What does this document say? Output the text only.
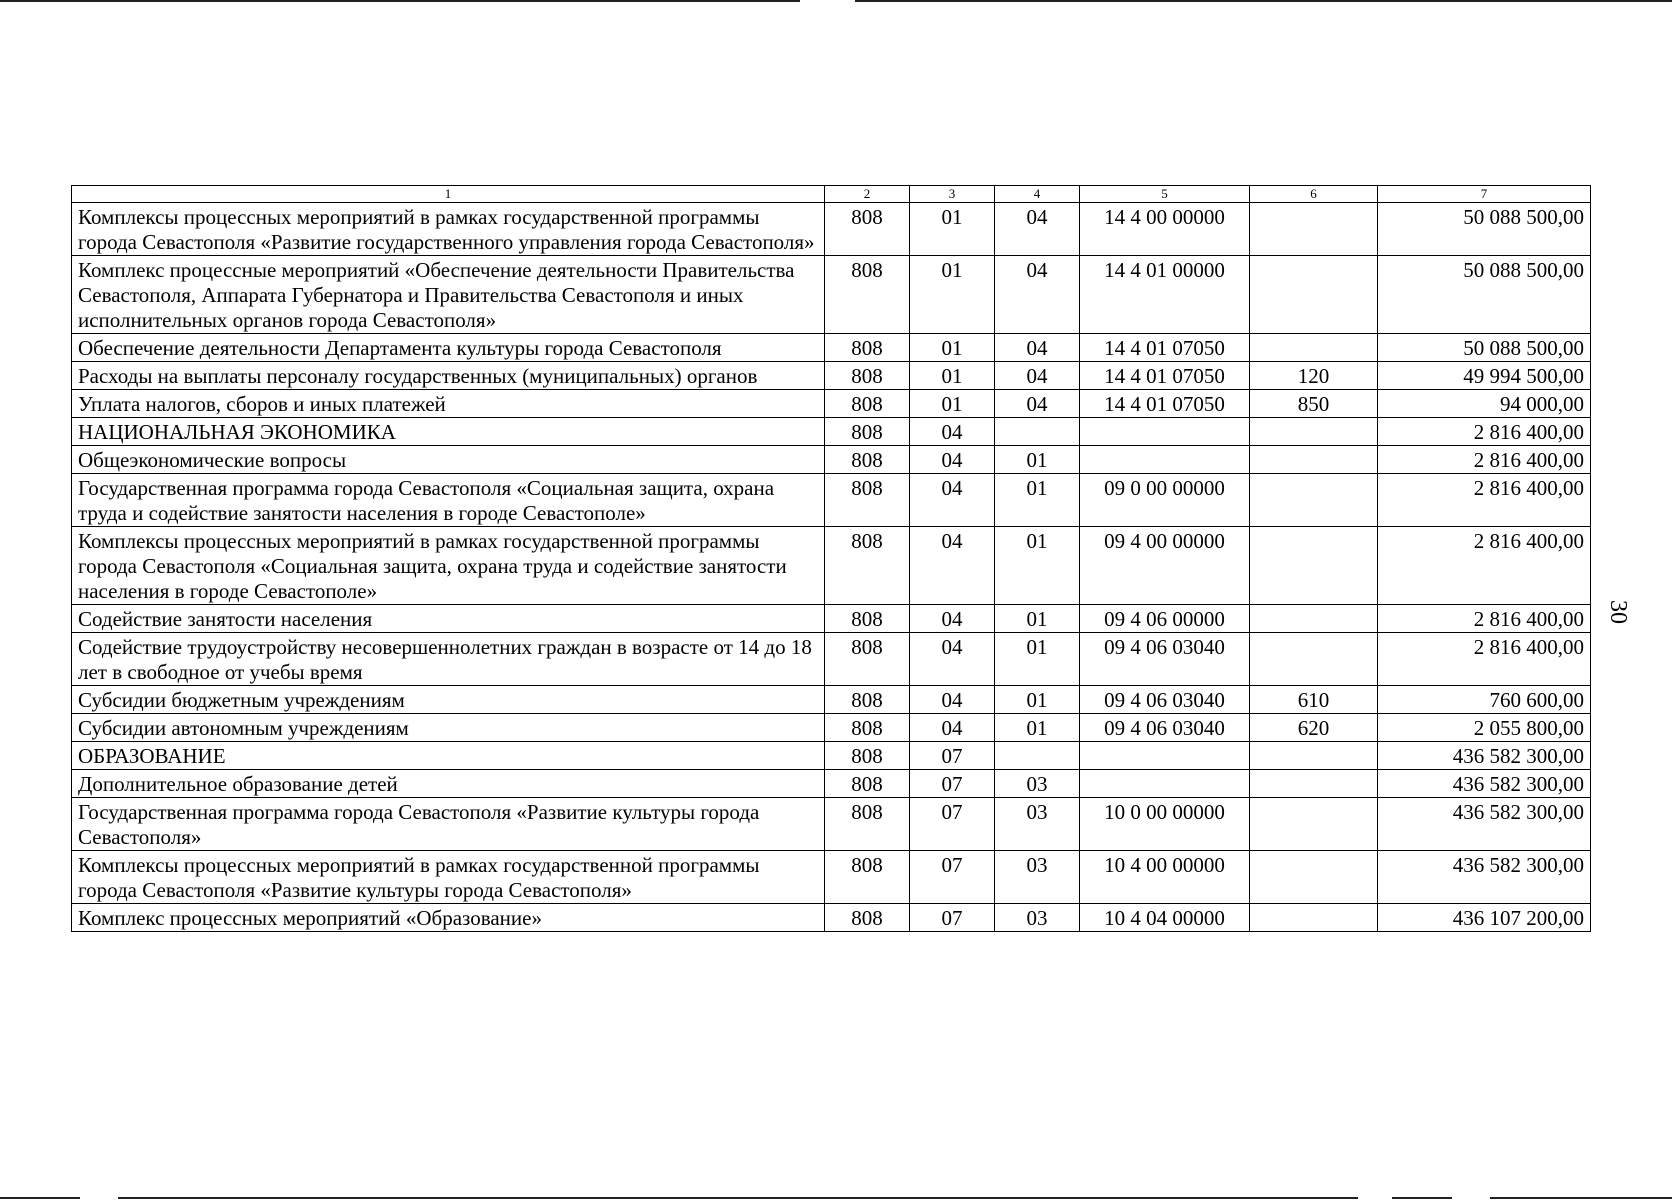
30
1	2	3	4	5	6	7
Комплексы процессных мероприятий в рамках государственной программы города Севастополя «Развитие государственного управления города Севастополя»	808	01	04	14 4 00 00000		50 088 500,00
Комплекс процессные мероприятий «Обеспечение деятельности Правительства Севастополя, Аппарата Губернатора и Правительства Севастополя и иных исполнительных органов города Севастополя»	808	01	04	14 4 01 00000		50 088 500,00
Обеспечение деятельности Департамента культуры города Севастополя	808	01	04	14 4 01 07050		50 088 500,00
Расходы на выплаты персоналу государственных (муниципальных) органов	808	01	04	14 4 01 07050	120	49 994 500,00
Уплата налогов, сборов и иных платежей	808	01	04	14 4 01 07050	850	94 000,00
НАЦИОНАЛЬНАЯ ЭКОНОМИКА	808	04				2 816 400,00
Общеэкономические вопросы	808	04	01			2 816 400,00
Государственная программа города Севастополя «Социальная защита, охрана труда и содействие занятости населения в городе Севастополе»	808	04	01	09 0 00 00000		2 816 400,00
Комплексы процессных мероприятий в рамках государственной программы города Севастополя «Социальная защита, охрана труда и содействие занятости населения в городе Севастополе»	808	04	01	09 4 00 00000		2 816 400,00
Содействие занятости населения	808	04	01	09 4 06 00000		2 816 400,00
Содействие трудоустройству несовершеннолетних граждан в возрасте от 14 до 18 лет в свободное от учебы время	808	04	01	09 4 06 03040		2 816 400,00
Субсидии бюджетным учреждениям	808	04	01	09 4 06 03040	610	760 600,00
Субсидии автономным учреждениям	808	04	01	09 4 06 03040	620	2 055 800,00
ОБРАЗОВАНИЕ	808	07				436 582 300,00
Дополнительное образование детей	808	07	03			436 582 300,00
Государственная программа города Севастополя «Развитие культуры города Севастополя»	808	07	03	10 0 00 00000		436 582 300,00
Комплексы процессных мероприятий в рамках государственной программы города Севастополя «Развитие культуры города Севастополя»	808	07	03	10 4 00 00000		436 582 300,00
Комплекс процессных мероприятий «Образование»	808	07	03	10 4 04 00000		436 107 200,00
